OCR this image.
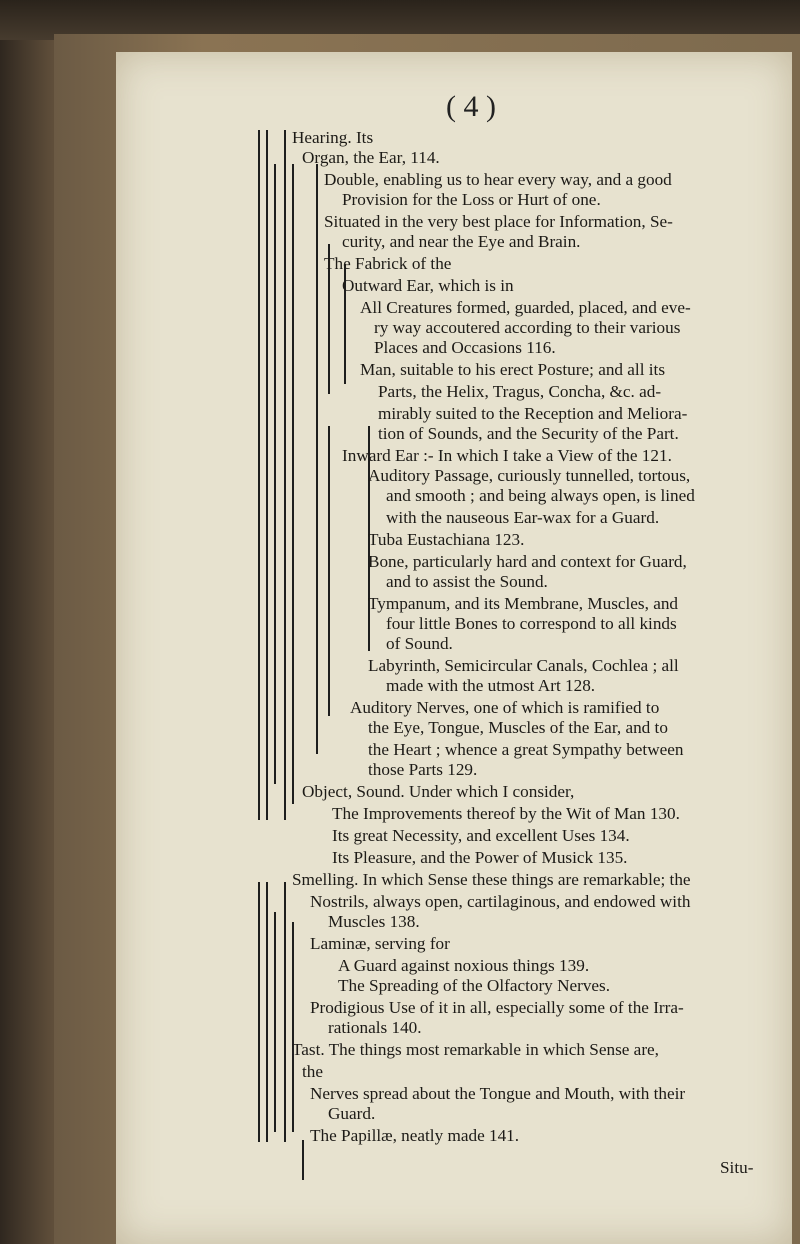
( 4 )
Hearing. Its
Organ, the Ear, 114.
Double, enabling us to hear every way, and a good
Provision for the Loss or Hurt of one.
Situated in the very best place for Information, Se-
curity, and near the Eye and Brain.
The Fabrick of the
Outward Ear, which is in
All Creatures formed, guarded, placed, and eve-
ry way accoutered according to their various
Places and Occasions 116.
Man, suitable to his erect Posture; and all its
Parts, the Helix, Tragus, Concha, &c. ad-
mirably suited to the Reception and Meliora-
tion of Sounds, and the Security of the Part.
Inward Ear :- In which I take a View of the 121.
Auditory Passage, curiously tunnelled, tortous,
and smooth ; and being always open, is lined
with the nauseous Ear-wax for a Guard.
Tuba Eustachiana 123.
Bone, particularly hard and context for Guard,
and to assist the Sound.
Tympanum, and its Membrane, Muscles, and
four little Bones to correspond to all kinds
of Sound.
Labyrinth, Semicircular Canals, Cochlea ; all
made with the utmost Art 128.
Auditory Nerves, one of which is ramified to
the Eye, Tongue, Muscles of the Ear, and to
the Heart ; whence a great Sympathy between
those Parts 129.
Object, Sound. Under which I consider,
The Improvements thereof by the Wit of Man 130.
Its great Necessity, and excellent Uses 134.
Its Pleasure, and the Power of Musick 135.
Smelling. In which Sense these things are remarkable; the
Nostrils, always open, cartilaginous, and endowed with
Muscles 138.
Laminæ, serving for
A Guard against noxious things 139.
The Spreading of the Olfactory Nerves.
Prodigious Use of it in all, especially some of the Irra-
rationals 140.
Tast. The things most remarkable in which Sense are,
the
Nerves spread about the Tongue and Mouth, with their
Guard.
The Papillæ, neatly made 141.
Situ-
